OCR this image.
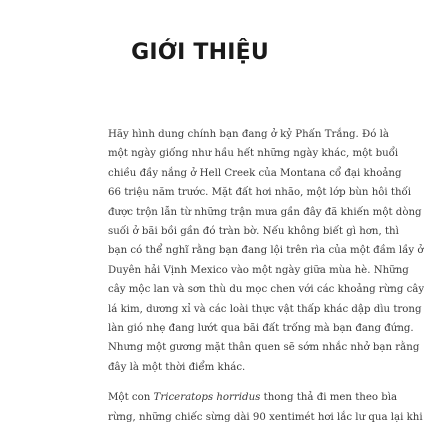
GIỚI THIỆU

Hãy hình dung chính bạn đang ở kỷ Phấn Trắng. Đó là
một ngày giống như hầu hết những ngày khác, một buổi
chiều đầy nắng ở Hell Creek của Montana cổ đại khoảng
66 triệu năm trước. Mặt đất hơi nhão, một lớp bùn hôi thối
được trộn lẫn từ những trận mưa gần đây đã khiến một dòng
suối ở bãi bồi gần đó tràn bờ. Nếu không biết gì hơn, thì
bạn có thể nghĩ rằng bạn đang lội trên rìa của một đầm lầy ở
Duyên hải Vịnh Mexico vào một ngày giữa mùa hè. Những
cây mộc lan và sơn thù du mọc chen với các khoảng rừng cây
lá kim, dương xỉ và các loài thực vật thấp khác dập dìu trong
làn gió nhẹ đang lướt qua bãi đất trống mà bạn đang đứng.
Nhưng một gương mặt thân quen sẽ sớm nhắc nhở bạn rằng
đây là một thời điểm khác.

Một con Triceratops horridus thong thả đi men theo bìa
rừng, những chiếc sừng dài 90 xentimét hơi lắc lư qua lại khi
